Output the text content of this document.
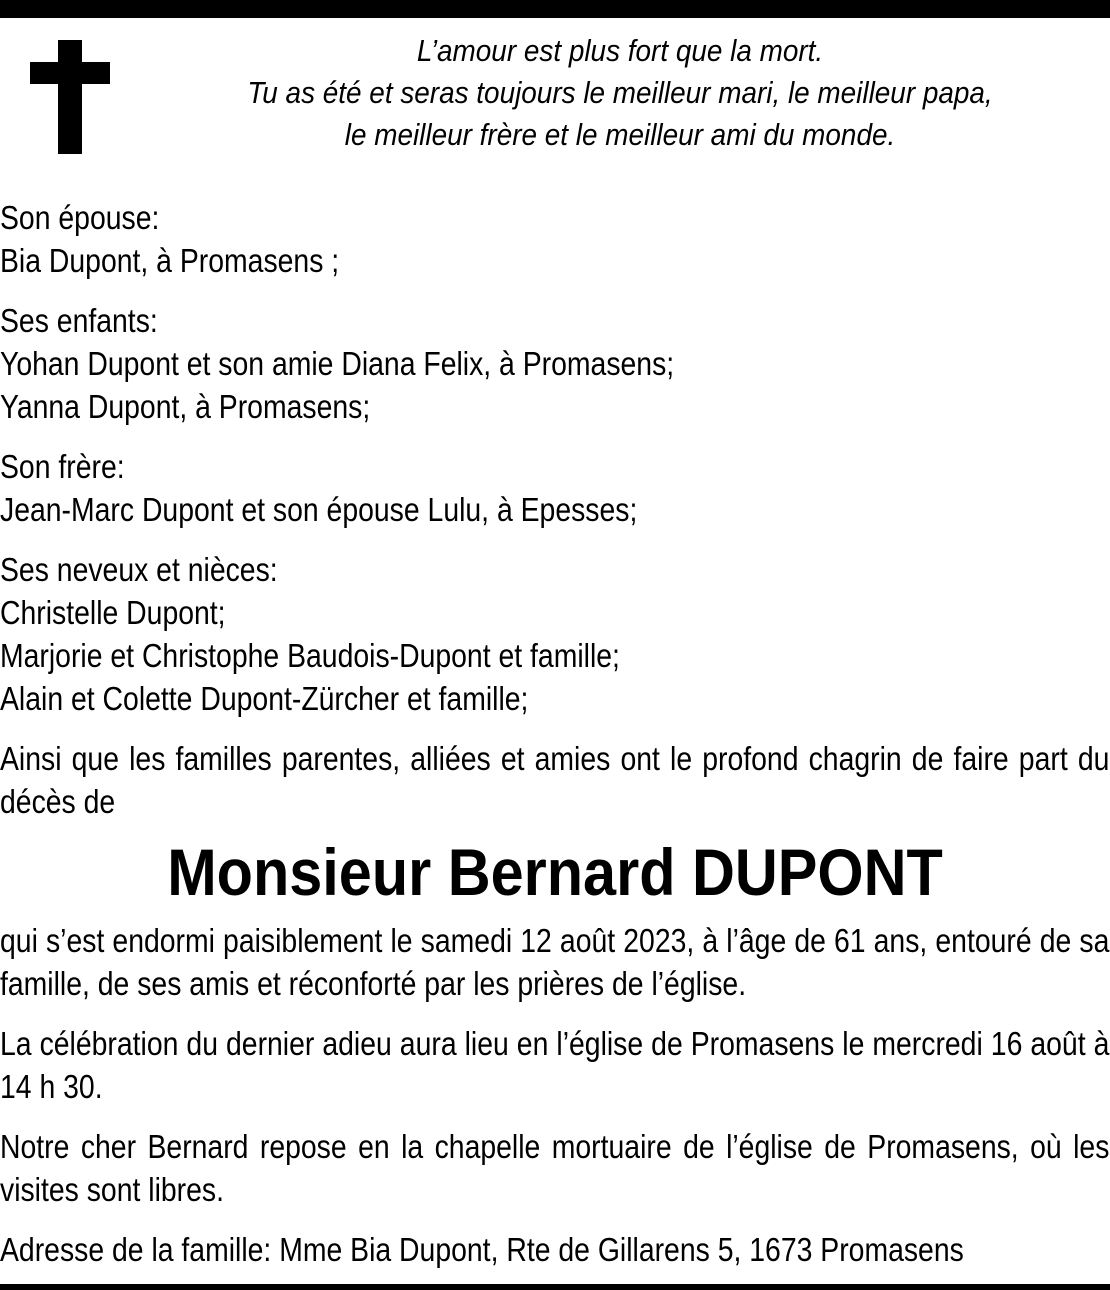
L’amour est plus fort que la mort.
Tu as été et seras toujours le meilleur mari, le meilleur papa,
le meilleur frère et le meilleur ami du monde.
Son épouse:
Bia Dupont, à Promasens ;
Ses enfants:
Yohan Dupont et son amie Diana Felix, à Promasens;
Yanna Dupont, à Promasens;
Son frère:
Jean-Marc Dupont et son épouse Lulu, à Epesses;
Ses neveux et nièces:
Christelle Dupont;
Marjorie et Christophe Baudois-Dupont et famille;
Alain et Colette Dupont-Zürcher et famille;
Ainsi que les familles parentes, alliées et amies ont le profond chagrin de faire part du décès de
Monsieur Bernard DUPONT
qui s’est endormi paisiblement le samedi 12 août 2023, à l’âge de 61 ans, entouré de sa famille, de ses amis et réconforté par les prières de l’église.
La célébration du dernier adieu aura lieu en l’église de Promasens le mercredi 16 août à 14 h 30.
Notre cher Bernard repose en la chapelle mortuaire de l’église de Promasens, où les visites sont libres.
Adresse de la famille: Mme Bia Dupont, Rte de Gillarens 5, 1673 Promasens
